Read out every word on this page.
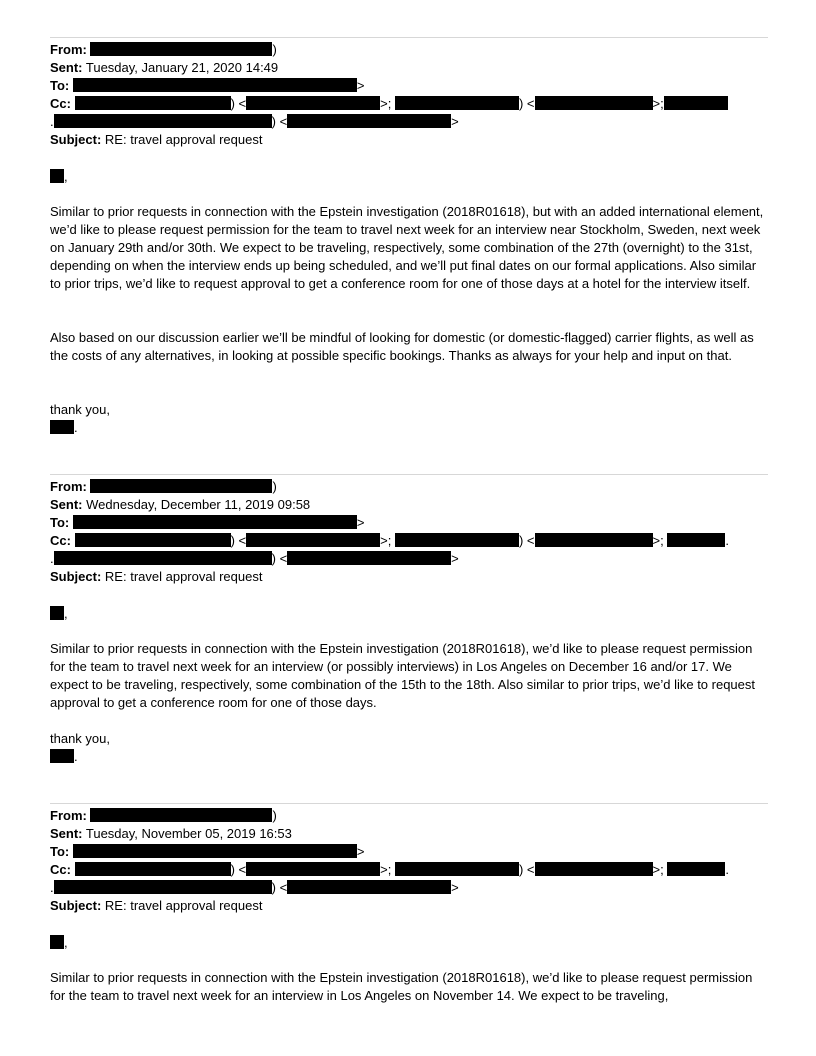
From:	)
Sent: Tuesday, January 21, 2020 14:49
To:	>
Cc:	) <	>;	) <	>;
.	) <	>
Subject: RE: travel approval request
,

Similar to prior requests in connection with the Epstein investigation (2018R01618), but with an added international element, we’d like to please request permission for the team to travel next week for an interview near Stockholm, Sweden, next week on January 29th and/or 30th. We expect to be traveling, respectively, some combination of the 27th (overnight) to the 31st, depending on when the interview ends up being scheduled, and we’ll put final dates on our formal applications. Also similar to prior trips, we’d like to request approval to get a conference room for one of those days at a hotel for the interview itself.

Also based on our discussion earlier we’ll be mindful of looking for domestic (or domestic-flagged) carrier flights, as well as the costs of any alternatives, in looking at possible specific bookings. Thanks as always for your help and input on that.

thank you,
.
From:	)
Sent: Wednesday, December 11, 2019 09:58
To:	>
Cc:	) <	>;	) <	>;	.
.	) <	>
Subject: RE: travel approval request
,

Similar to prior requests in connection with the Epstein investigation (2018R01618), we’d like to please request permission for the team to travel next week for an interview (or possibly interviews) in Los Angeles on December 16 and/or 17. We expect to be traveling, respectively, some combination of the 15th to the 18th. Also similar to prior trips, we’d like to request approval to get a conference room for one of those days.

thank you,
.
From:	)
Sent: Tuesday, November 05, 2019 16:53
To:	>
Cc:	) <	>;	) <	>;	.
.	) <	>
Subject: RE: travel approval request
,

Similar to prior requests in connection with the Epstein investigation (2018R01618), we’d like to please request permission for the team to travel next week for an interview in Los Angeles on November 14. We expect to be traveling,
